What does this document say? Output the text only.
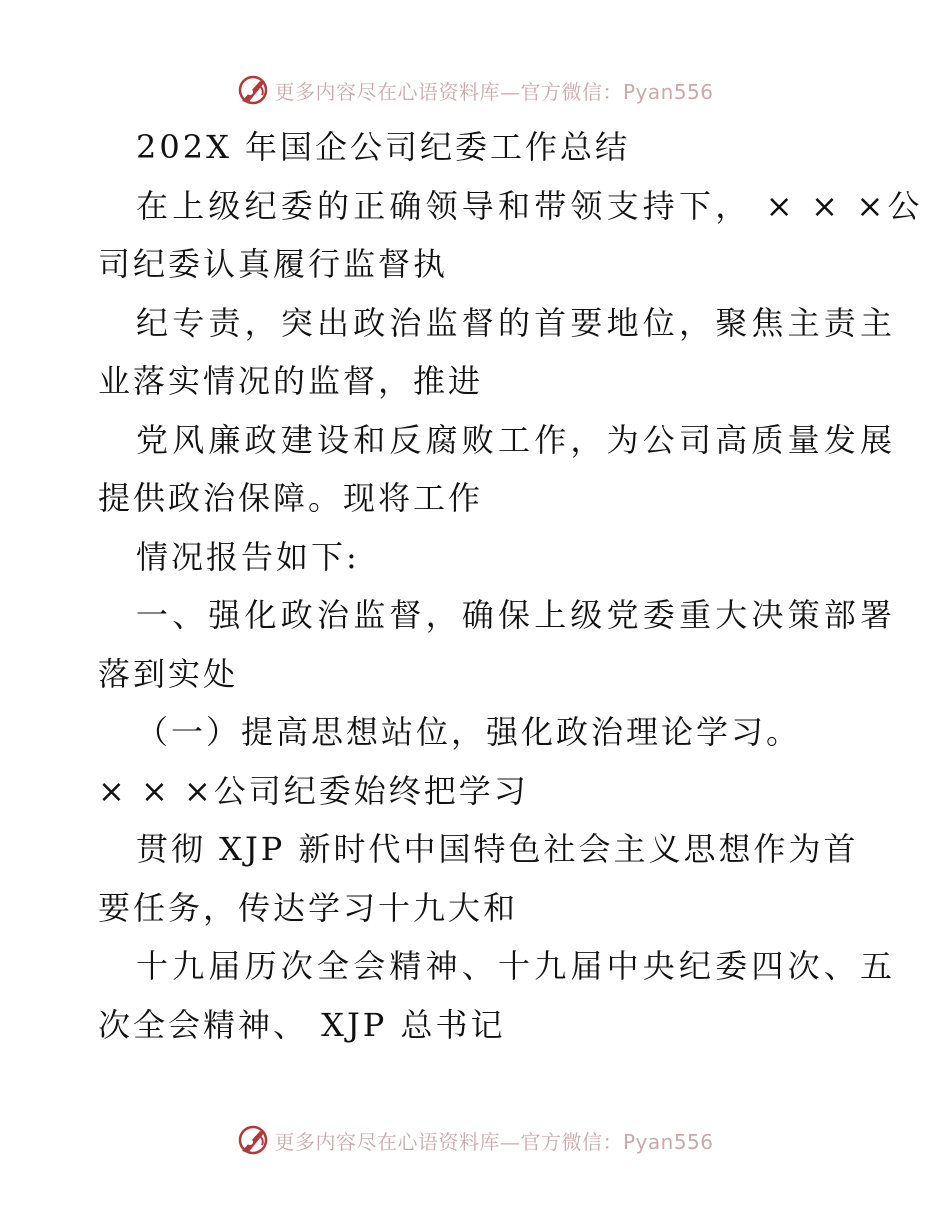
更多内容尽在心语资料库—官方微信：Pyan556
202X 年国企公司纪委工作总结
在上级纪委的正确领导和带领支持下， × × ×公
司纪委认真履行监督执
纪专责，突出政治监督的首要地位，聚焦主责主
业落实情况的监督，推进
党风廉政建设和反腐败工作，为公司高质量发展
提供政治保障。现将工作
情况报告如下:
一、强化政治监督，确保上级党委重大决策部署
落到实处
（一）提高思想站位，强化政治理论学习。
× × ×公司纪委始终把学习
贯彻 XJP 新时代中国特色社会主义思想作为首
要任务，传达学习十九大和
十九届历次全会精神、十九届中央纪委四次、五
次全会精神、 XJP 总书记
更多内容尽在心语资料库—官方微信：Pyan556
